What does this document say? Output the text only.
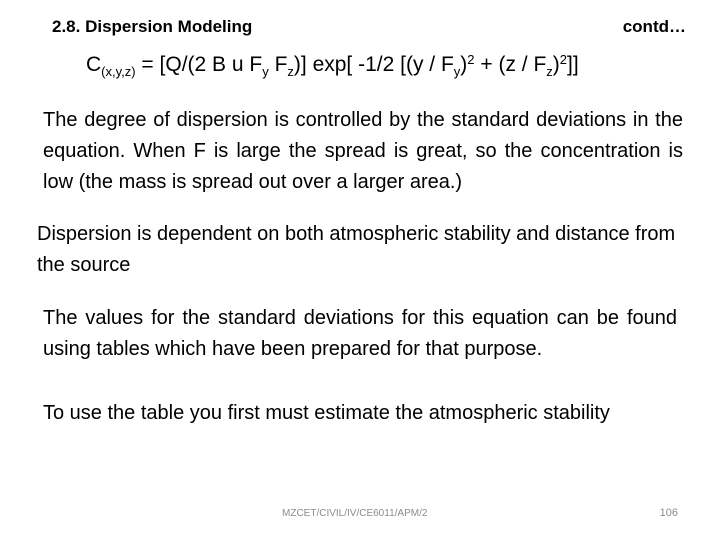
2.8. Dispersion Modeling	contd…
$C_{(x,y,z)} = [Q/(2$ B u $F_y$ $F_z$)] exp[ -1/2 $[(y / F_y)^2 + (z / F_z)^2]$]
The degree of dispersion is controlled by the standard deviations in the equation. When F is large the spread is great, so the concentration is low (the mass is spread out over a larger area.)
Dispersion is dependent on both atmospheric stability and distance from the source
The values for the standard deviations for this equation can be found using tables which have been prepared for that purpose.
To use the table you first must estimate the atmospheric stability
MZCET/CIVIL/IV/CE6011/APM/2	106
